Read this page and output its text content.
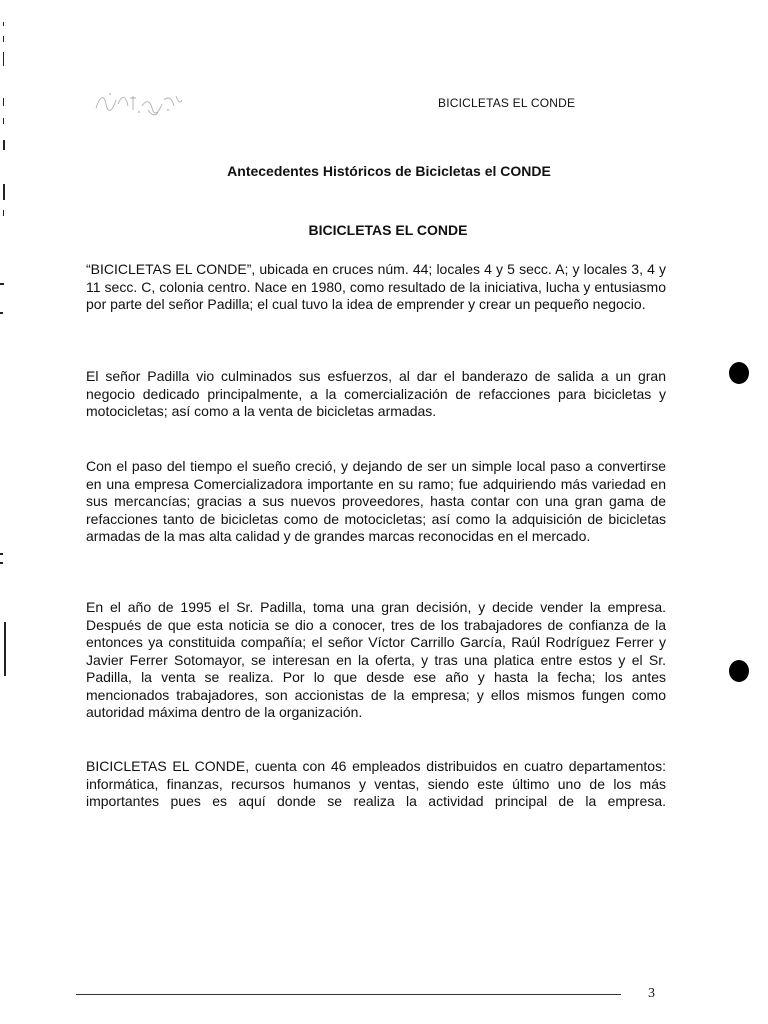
BICICLETAS EL CONDE
Antecedentes Históricos de Bicicletas el CONDE
BICICLETAS EL CONDE

“BICICLETAS EL CONDE”, ubicada en cruces núm. 44; locales 4 y 5 secc. A; y locales 3, 4 y 11 secc. C, colonia centro. Nace en 1980, como resultado de la iniciativa, lucha y entusiasmo por parte del señor Padilla; el cual tuvo la idea de emprender y crear un pequeño negocio.

El señor Padilla vio culminados sus esfuerzos, al dar el banderazo de salida a un gran negocio dedicado principalmente, a la comercialización de refacciones para bicicletas y motocicletas; así como a la venta de bicicletas armadas.

Con el paso del tiempo el sueño creció, y dejando de ser un simple local paso a convertirse en una empresa Comercializadora importante en su ramo; fue adquiriendo más variedad en sus mercancías; gracias a sus nuevos proveedores, hasta contar con una gran gama de refacciones tanto de bicicletas como de motocicletas; así como la adquisición de bicicletas armadas de la mas alta calidad y de grandes marcas reconocidas en el mercado.

En el año de 1995 el Sr. Padilla, toma una gran decisión, y decide vender la empresa. Después de que esta noticia se dio a conocer, tres de los trabajadores de confianza de la entonces ya constituida compañía; el señor Víctor Carrillo García, Raúl Rodríguez Ferrer y Javier Ferrer Sotomayor, se interesan en la oferta, y tras una platica entre estos y el Sr. Padilla, la venta se realiza. Por lo que desde ese año y hasta la fecha; los antes mencionados trabajadores, son accionistas de la empresa; y ellos mismos fungen como autoridad máxima dentro de la organización.

BICICLETAS EL CONDE, cuenta con 46 empleados distribuidos en cuatro departamentos: informática, finanzas, recursos humanos y ventas, siendo este último uno de los más importantes pues es aquí donde se realiza la actividad principal de la empresa.

3
